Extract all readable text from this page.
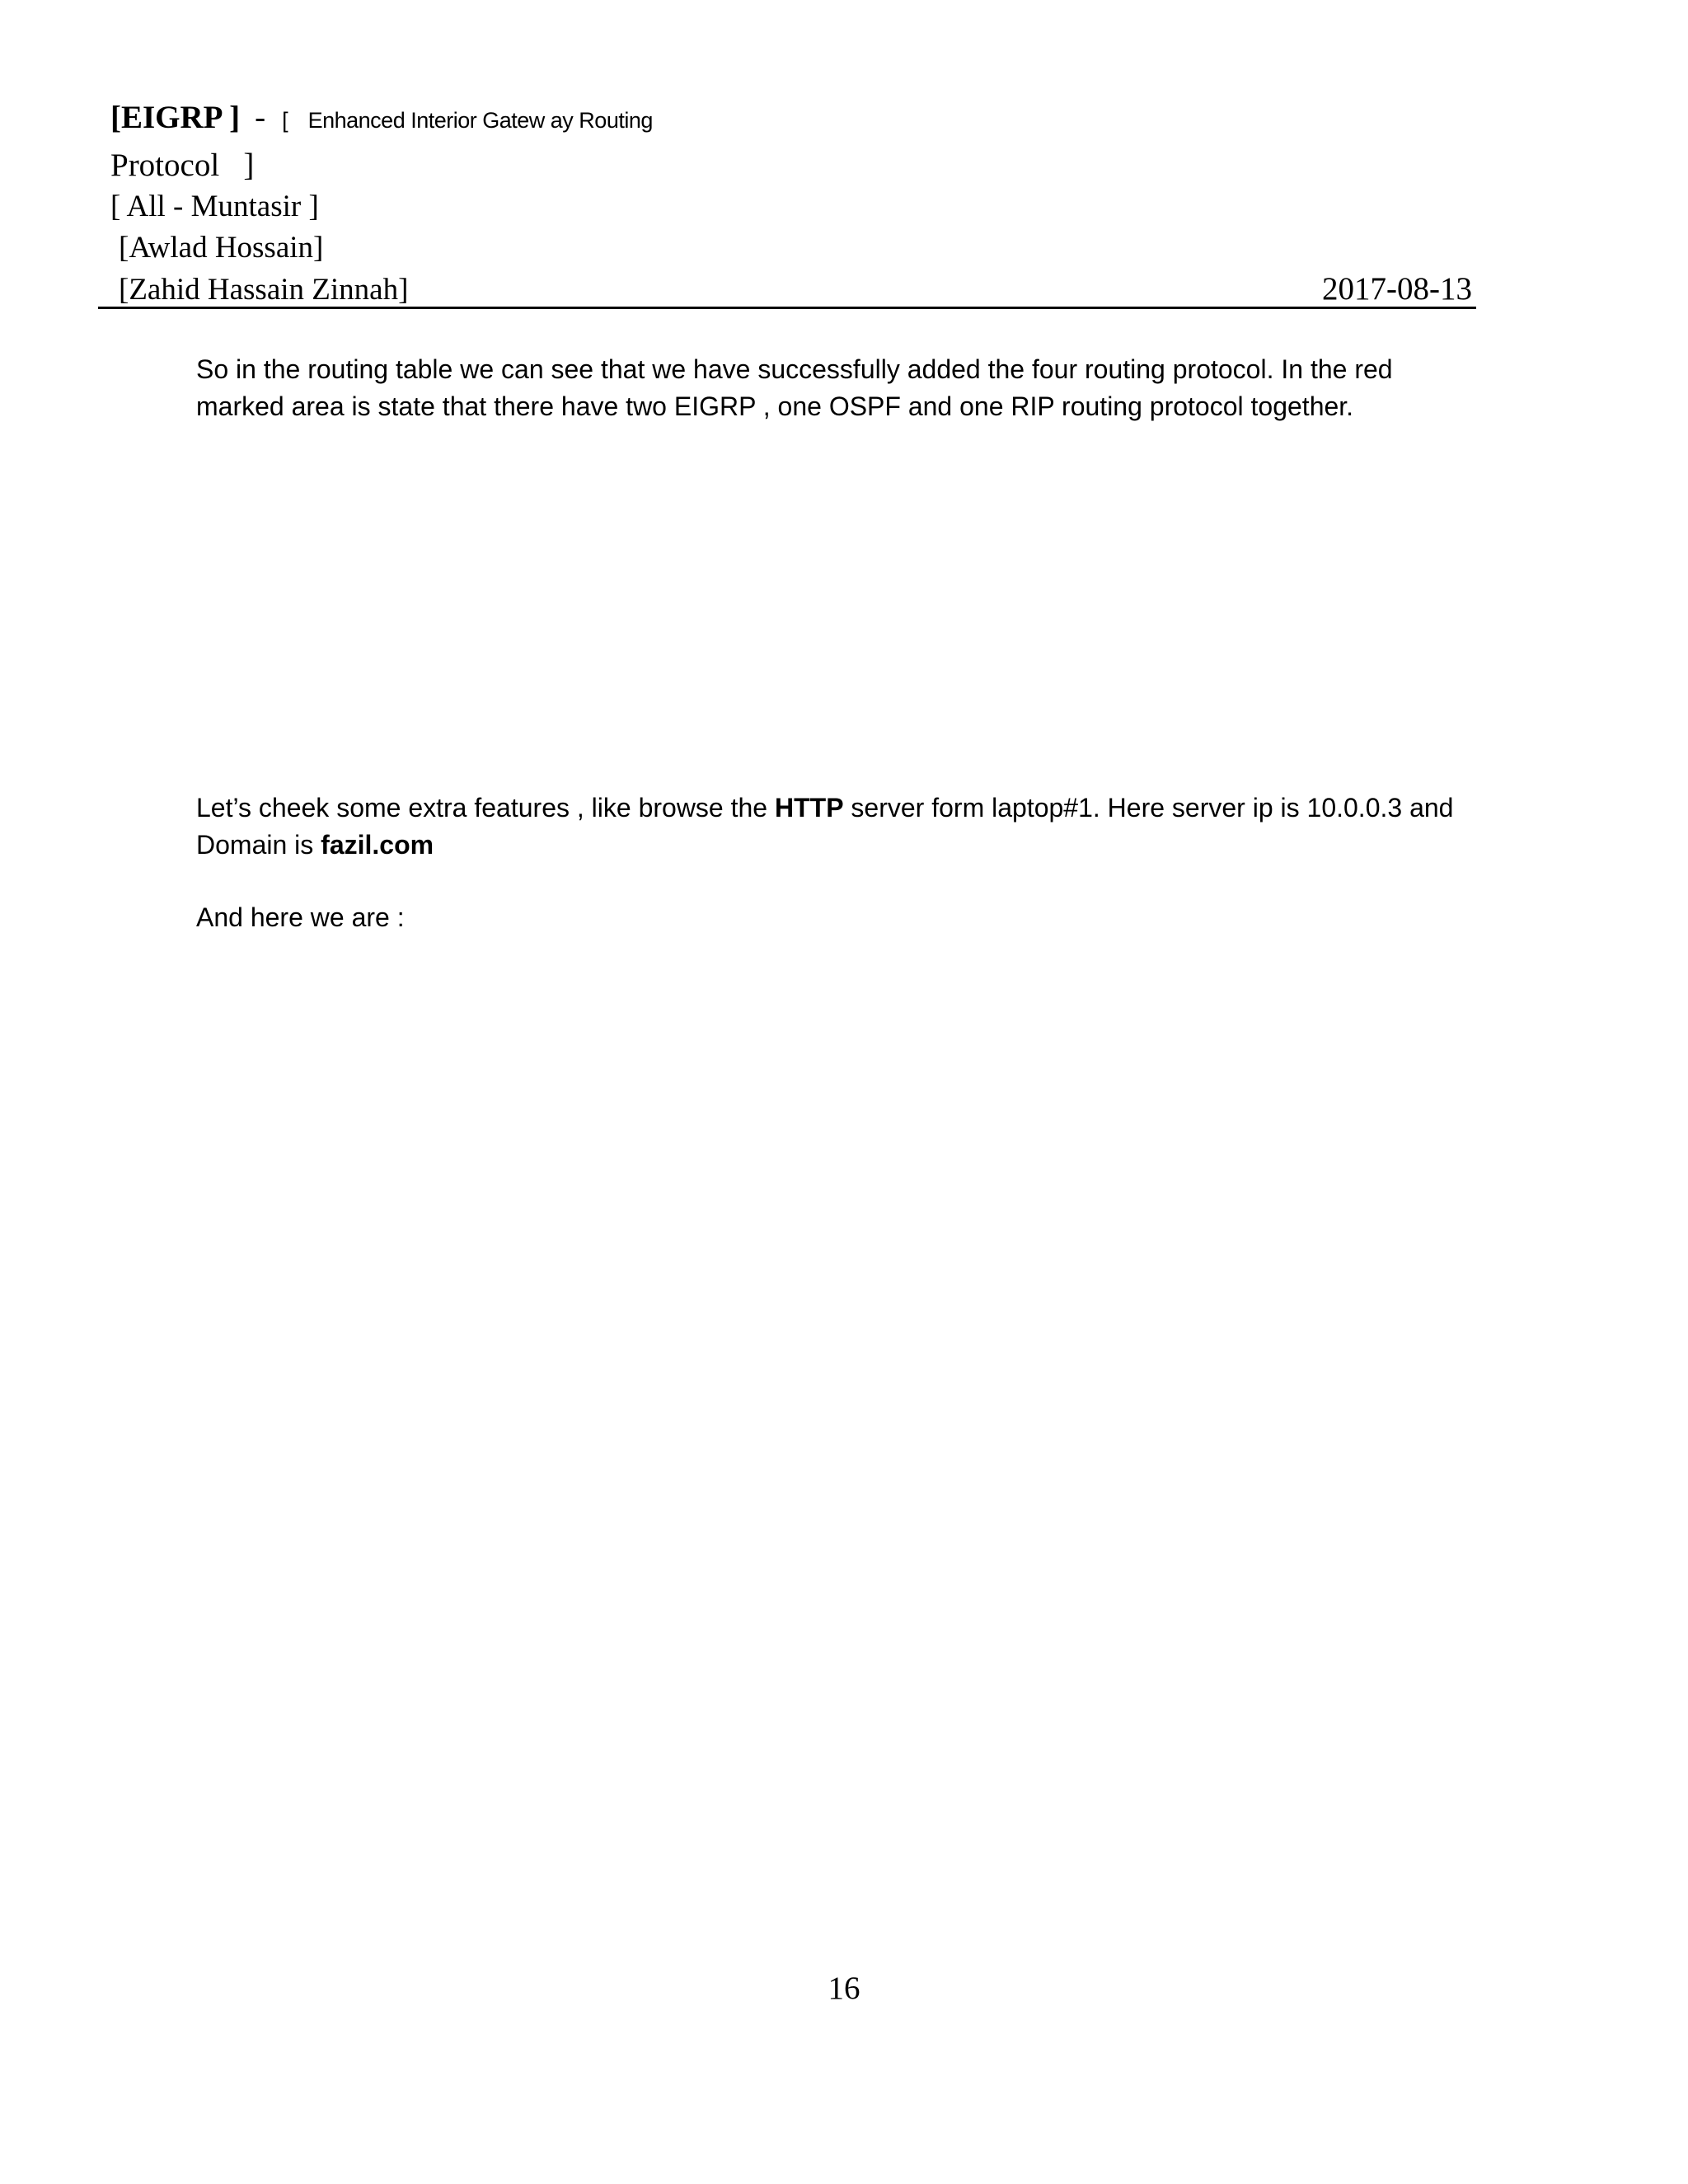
[EIGRP ] - [ Enhanced Interior Gatew ay Routing
Protocol   ]
[ All - Muntasir ]
[Awlad Hossain]
[Zahid Hassain Zinnah]	2017-08-13

So in the routing table we can see that we have successfully added the four routing protocol. In the red marked area is state that there have two EIGRP , one OSPF and one RIP routing protocol together.

Let’s cheek some extra features , like browse the HTTP server form laptop#1. Here server ip is 10.0.0.3 and Domain is fazil.com

And here we are :

16
